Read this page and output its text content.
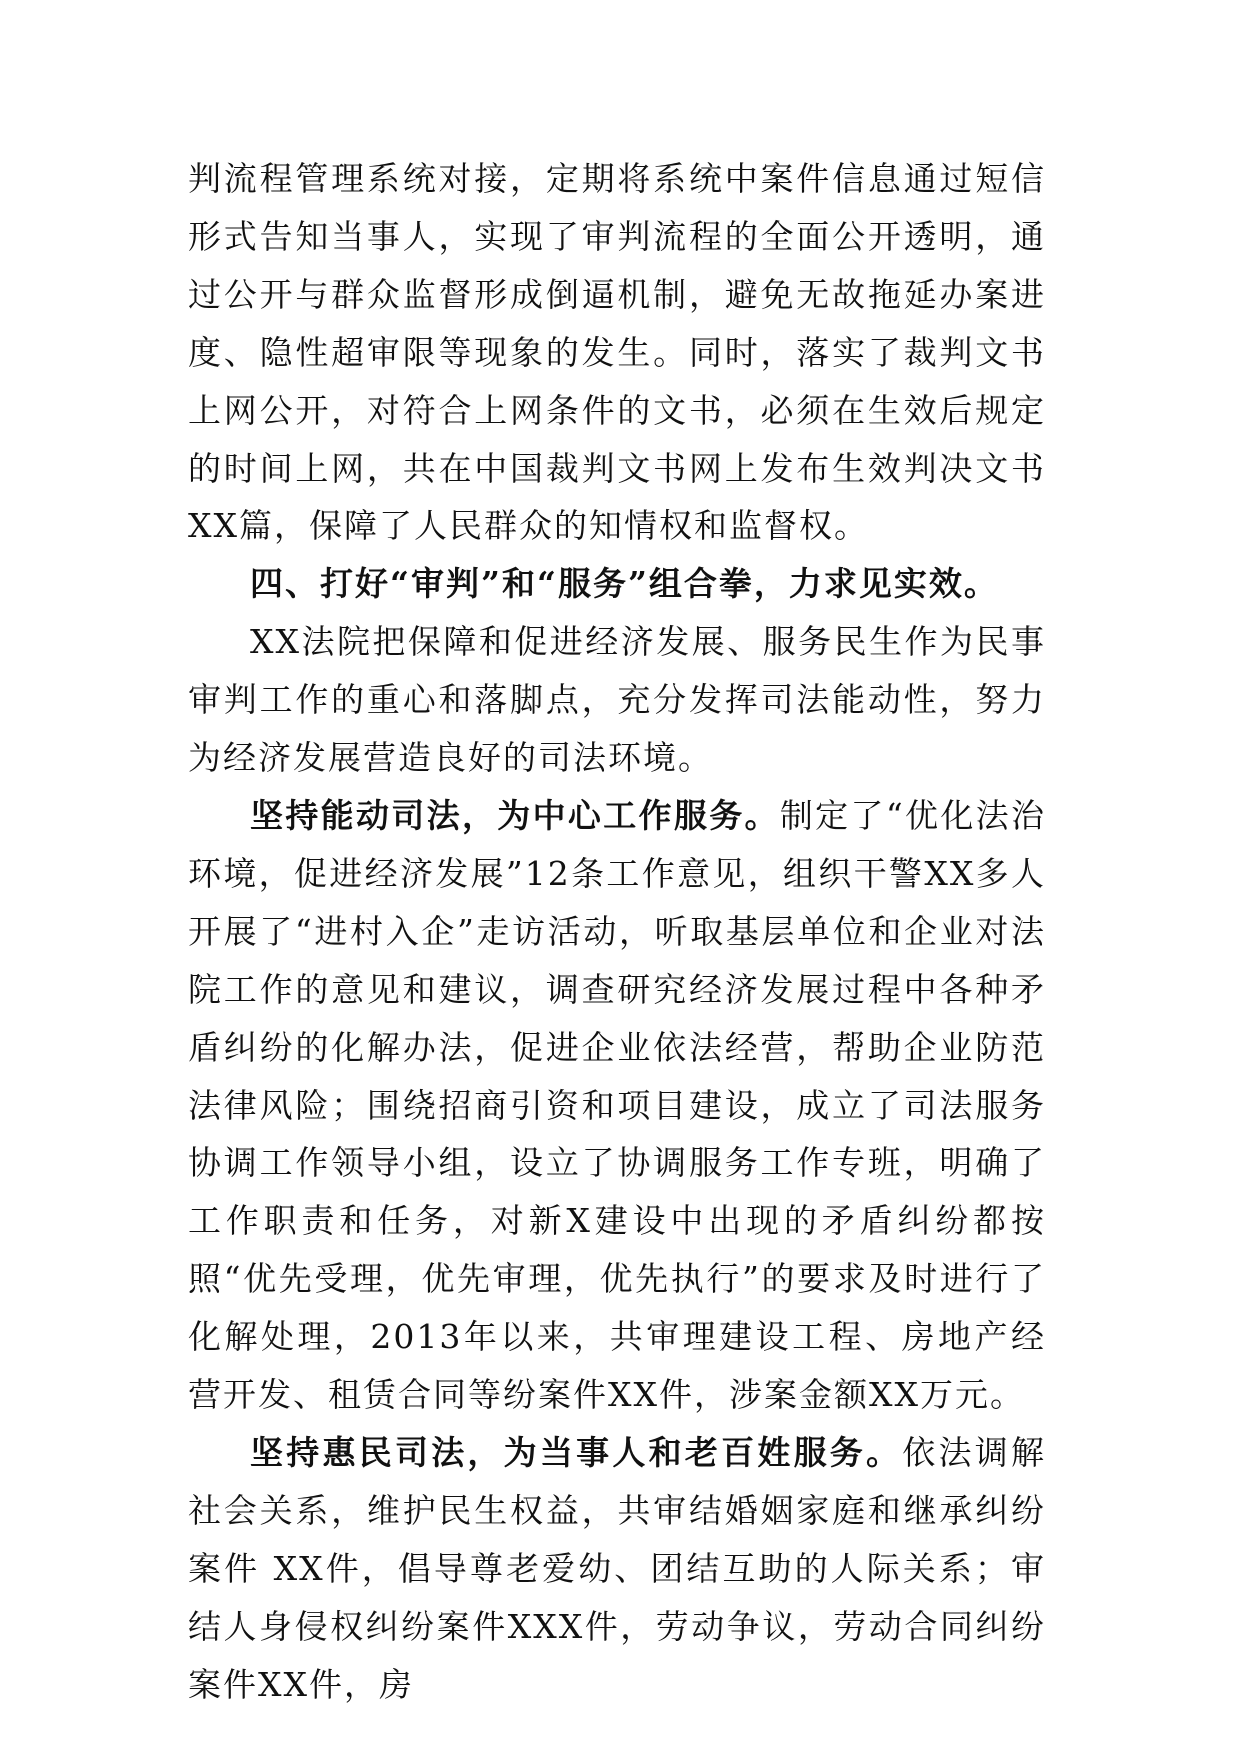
判流程管理系统对接，定期将系统中案件信息通过短信形式告知当事人，实现了审判流程的全面公开透明，通过公开与群众监督形成倒逼机制，避免无故拖延办案进度、隐性超审限等现象的发生。同时，落实了裁判文书上网公开，对符合上网条件的文书，必须在生效后规定的时间上网，共在中国裁判文书网上发布生效判决文书XX篇，保障了人民群众的知情权和监督权。

四、打好“审判”和“服务”组合拳，力求见实效。

XX法院把保障和促进经济发展、服务民生作为民事审判工作的重心和落脚点，充分发挥司法能动性，努力为经济发展营造良好的司法环境。

坚持能动司法，为中心工作服务。制定了“优化法治环境，促进经济发展”12条工作意见，组织干警XX多人开展了“进村入企”走访活动，听取基层单位和企业对法院工作的意见和建议，调查研究经济发展过程中各种矛盾纠纷的化解办法，促进企业依法经营，帮助企业防范法律风险；围绕招商引资和项目建设，成立了司法服务协调工作领导小组，设立了协调服务工作专班，明确了工作职责和任务，对新X建设中出现的矛盾纠纷都按照“优先受理，优先审理，优先执行”的要求及时进行了化解处理，2013年以来，共审理建设工程、房地产经营开发、租赁合同等纷案件XX件，涉案金额XX万元。

坚持惠民司法，为当事人和老百姓服务。依法调解社会关系，维护民生权益，共审结婚姻家庭和继承纠纷案件 XX件，倡导尊老爱幼、团结互助的人际关系；审结人身侵权纠纷案件XXX件，劳动争议，劳动合同纠纷案件XX件，房
